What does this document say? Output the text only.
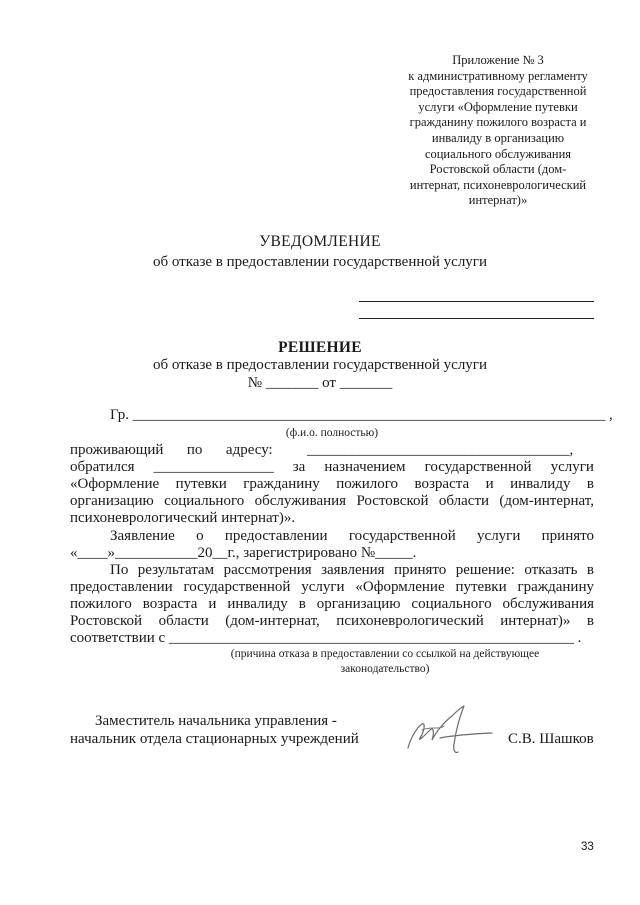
Приложение № 3
к административному регламенту
предоставления государственной
услуги «Оформление путевки
гражданину пожилого возраста и
инвалиду в организацию
социального обслуживания
Ростовской области (дом-
интернат, психоневрологический
интернат)»
УВЕДОМЛЕНИЕ
об отказе в предоставлении государственной услуги
РЕШЕНИЕ
об отказе в предоставлении государственной услуги
№ _______ от _______
Гр. _______________________________________________________________ ,
(ф.и.о. полностью)
проживающий  по  адресу: ___________________________________,
обратился ________________ за назначением государственной услуги
«Оформление  путевки  гражданину  пожилого  возраста  и  инвалиду  в
организацию  социального  обслуживания  Ростовской  области  (дом-интернат,
психоневрологический интернат)».
Заявление  о  предоставлении  государственной  услуги  принято
«____»___________20__г., зарегистрировано №_____.
По  результатам  рассмотрения  заявления  принято  решение:  отказать  в
предоставлении  государственной  услуги  «Оформление  путевки  гражданину
пожилого  возраста  и  инвалиду  в  организацию  социального  обслуживания
Ростовской  области  (дом-интернат,  психоневрологический  интернат)»  в
соответствии с ______________________________________________________ .
(причина отказа в предоставлении со ссылкой на действующее
законодательство)
Заместитель начальника управления -
начальник отдела стационарных учреждений	С.В. Шашков
33
